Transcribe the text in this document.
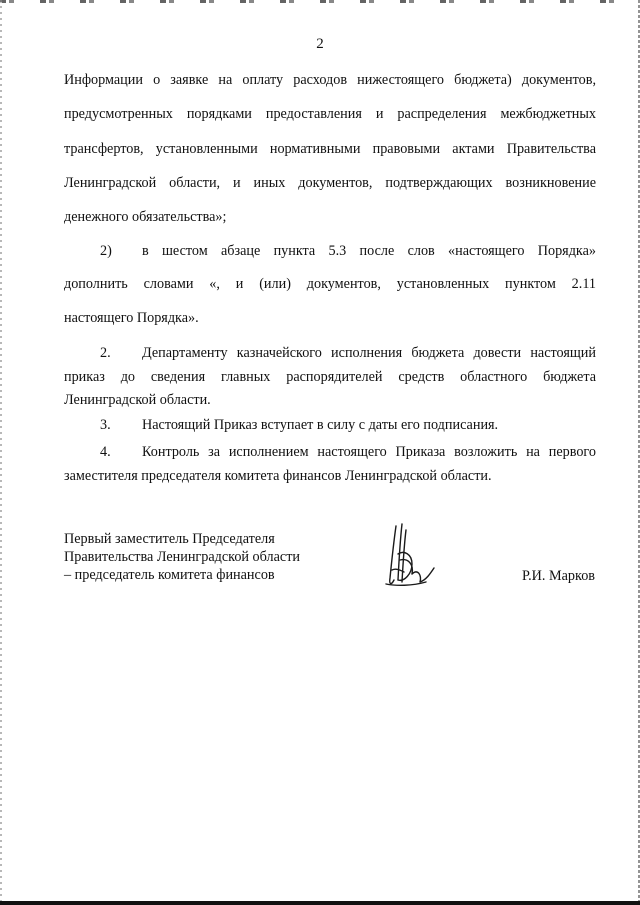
2
Информации о заявке на оплату расходов нижестоящего бюджета) документов,
предусмотренных порядками предоставления и распределения межбюджетных
трансфертов, установленными нормативными правовыми актами Правительства
Ленинградской области, и иных документов, подтверждающих возникновение
денежного обязательства»;
2) в шестом абзаце пункта 5.3 после слов «настоящего Порядка»
дополнить словами «, и (или) документов, установленных пунктом 2.11
настоящего Порядка».
2. Департаменту казначейского исполнения бюджета довести настоящий
приказ до сведения главных распорядителей средств областного бюджета
Ленинградской области.
3. Настоящий Приказ вступает в силу с даты его подписания.
4. Контроль за исполнением настоящего Приказа возложить на первого
заместителя председателя комитета финансов Ленинградской области.
Первый заместитель Председателя
Правительства Ленинградской области
– председатель комитета финансов	Р.И. Марков
